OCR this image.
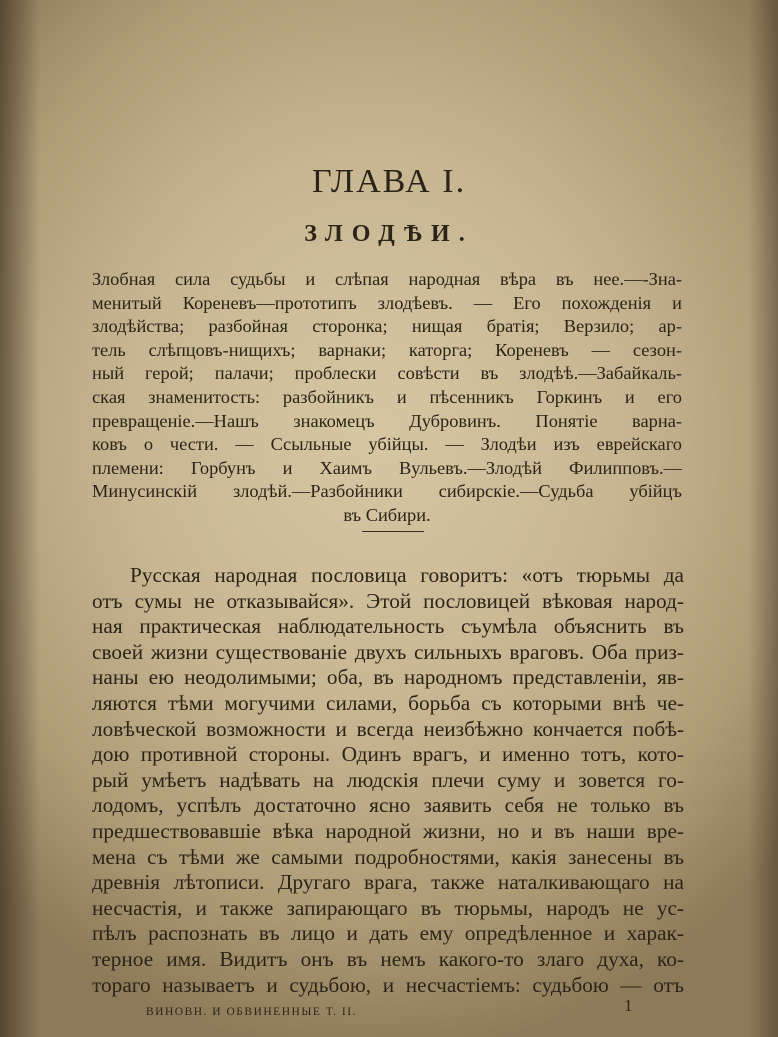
ГЛАВА I.
ЗЛОДѢИ.
Злобная сила судьбы и слѣпая народная вѣра въ нее.—-Зна-
менитый Кореневъ—прототипъ злодѣевъ. — Его похожденія и
злодѣйства; разбойная сторонка; нищая братія; Верзило; ар-
тель слѣпцовъ-нищихъ; варнаки; каторга; Кореневъ — сезон-
ный герой; палачи; проблески совѣсти въ злодѣѣ.—Забайкаль-
ская знаменитость: разбойникъ и пѣсенникъ Горкинъ и его
превращеніе.—Нашъ знакомецъ Дубровинъ. Понятіе варна-
ковъ о чести. — Ссыльные убійцы. — Злодѣи изъ еврейскаго
племени: Горбунъ и Хаимъ Вульевъ.—Злодѣй Филипповъ.—
Минусинскій злодѣй.—Разбойники сибирскіе.—Судьба убійцъ
въ Сибири.
Русская народная пословица говоритъ: «отъ тюрьмы да
отъ сумы не отказывайся». Этой пословицей вѣковая народ-
ная практическая наблюдательность съумѣла объяснить въ
своей жизни существованіе двухъ сильныхъ враговъ. Оба приз-
наны ею неодолимыми; оба, въ народномъ представленіи, яв-
ляются тѣми могучими силами, борьба съ которыми внѣ че-
ловѣческой возможности и всегда неизбѣжно кончается побѣ-
дою противной стороны. Одинъ врагъ, и именно тотъ, кото-
рый умѣетъ надѣвать на людскія плечи суму и зовется го-
лодомъ, успѣлъ достаточно ясно заявить себя не только въ
предшествовавшіе вѣка народной жизни, но и въ наши вре-
мена съ тѣми же самыми подробностями, какія занесены въ
древнія лѣтописи. Другаго врага, также наталкивающаго на
несчастія, и также запирающаго въ тюрьмы, народъ не ус-
пѣлъ распознать въ лицо и дать ему опредѣленное и харак-
терное имя. Видитъ онъ въ немъ какого-то злаго духа, ко-
тораго называетъ и судьбою, и несчастіемъ: судьбою — отъ
ВИНОВН. И ОБВИНЕННЫЕ Т. II.	1
